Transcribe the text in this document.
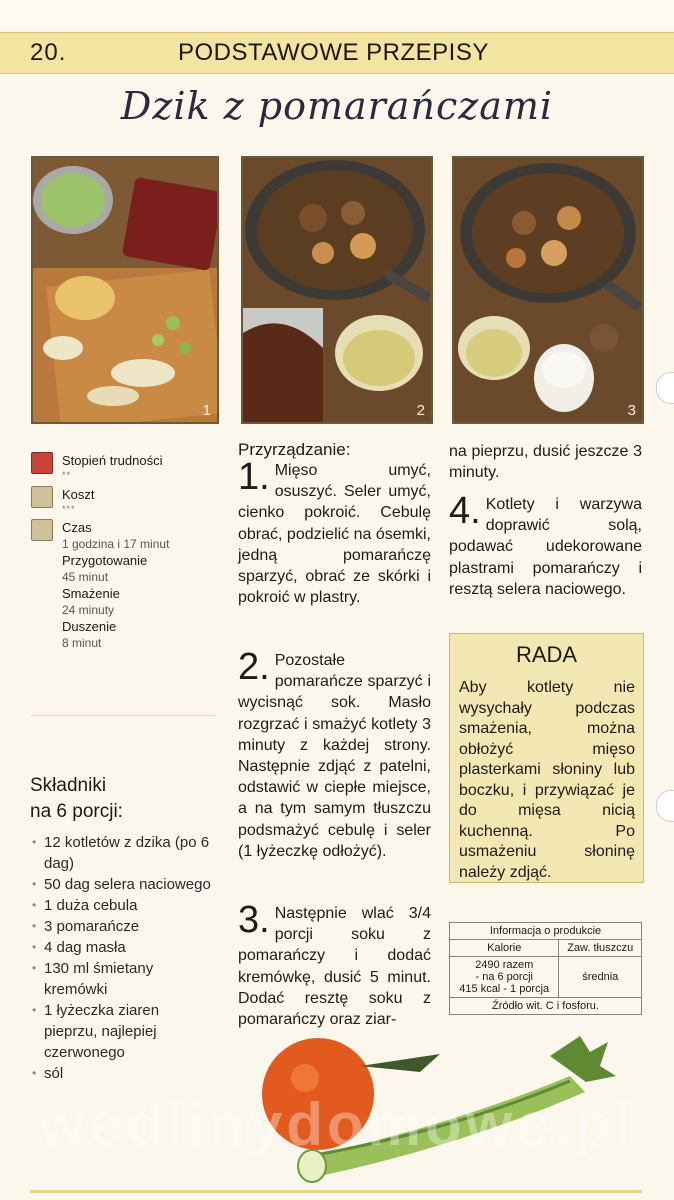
20.	PODSTAWOWE PRZEPISY
Dzik z pomarańczami
1	2	3
Stopień trudności
**
Koszt
***
Czas
1 godzina i 17 minut
Przygotowanie
45 minut
Smażenie
24 minuty
Duszenie
8 minut
Składniki
na 6 porcji:
• 12 kotletów z dzika (po 6 dag)
• 50 dag selera naciowego
• 1 duża cebula
• 3 pomarańcze
• 4 dag masła
• 130 ml śmietany kremówki
• 1 łyżeczka ziaren pieprzu, najlepiej czerwonego
• sól
Przyrządzanie:

1.Mięso umyć, osuszyć. Seler umyć, cienko pokroić. Cebulę obrać, podzielić na ósemki, jedną pomarańczę sparzyć, obrać ze skórki i pokroić w plastry.

2.Pozostałe pomarańcze sparzyć i wycisnąć sok. Masło rozgrzać i smażyć kotlety 3 minuty z każdej strony. Następnie zdjąć z patelni, odstawić w ciepłe miejsce, a na tym samym tłuszczu podsmażyć cebulę i seler (1 łyżeczkę odłożyć).

3.Następnie wlać 3/4 porcji soku z pomarańczy i dodać kremówkę, dusić 5 minut. Dodać resztę soku z pomarańczy oraz ziar-

na pieprzu, dusić jeszcze 3 minuty.

4.Kotlety i warzywa doprawić solą, podawać udekorowane plastrami pomarańczy i resztą selera naciowego.

RADA
Aby kotlety nie wysychały podczas smażenia, można obłożyć mięso plasterkami słoniny lub boczku, i przywiązać je do mięsa nicią kuchenną. Po usmażeniu słoninę należy zdjąć.
Informacja o produkcie	
Kalorie	Zaw. tłuszczu

2490 razem
- na 6 porcji
415 kcal - 1 porcja	średnia
Źródło wit. C i fosforu.	
wedlinydomowe.pl
